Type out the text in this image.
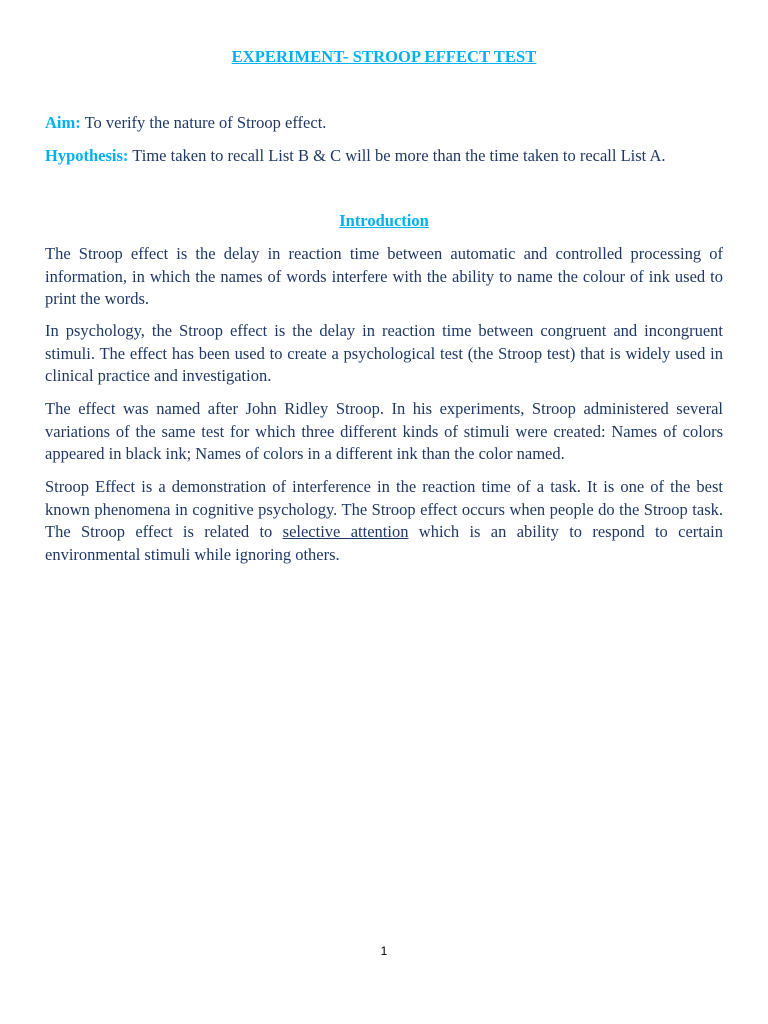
EXPERIMENT- STROOP EFFECT TEST
Aim: To verify the nature of Stroop effect.
Hypothesis: Time taken to recall List B & C will be more than the time taken to recall List A.
Introduction
The Stroop effect is the delay in reaction time between automatic and controlled processing of information, in which the names of words interfere with the ability to name the colour of ink used to print the words.
In psychology, the Stroop effect is the delay in reaction time between congruent and incongruent stimuli. The effect has been used to create a psychological test (the Stroop test) that is widely used in clinical practice and investigation.
The effect was named after John Ridley Stroop. In his experiments, Stroop administered several variations of the same test for which three different kinds of stimuli were created: Names of colors appeared in black ink; Names of colors in a different ink than the color named.
Stroop Effect is a demonstration of interference in the reaction time of a task. It is one of the best known phenomena in cognitive psychology. The Stroop effect occurs when people do the Stroop task. The Stroop effect is related to selective attention which is an ability to respond to certain environmental stimuli while ignoring others.
1
